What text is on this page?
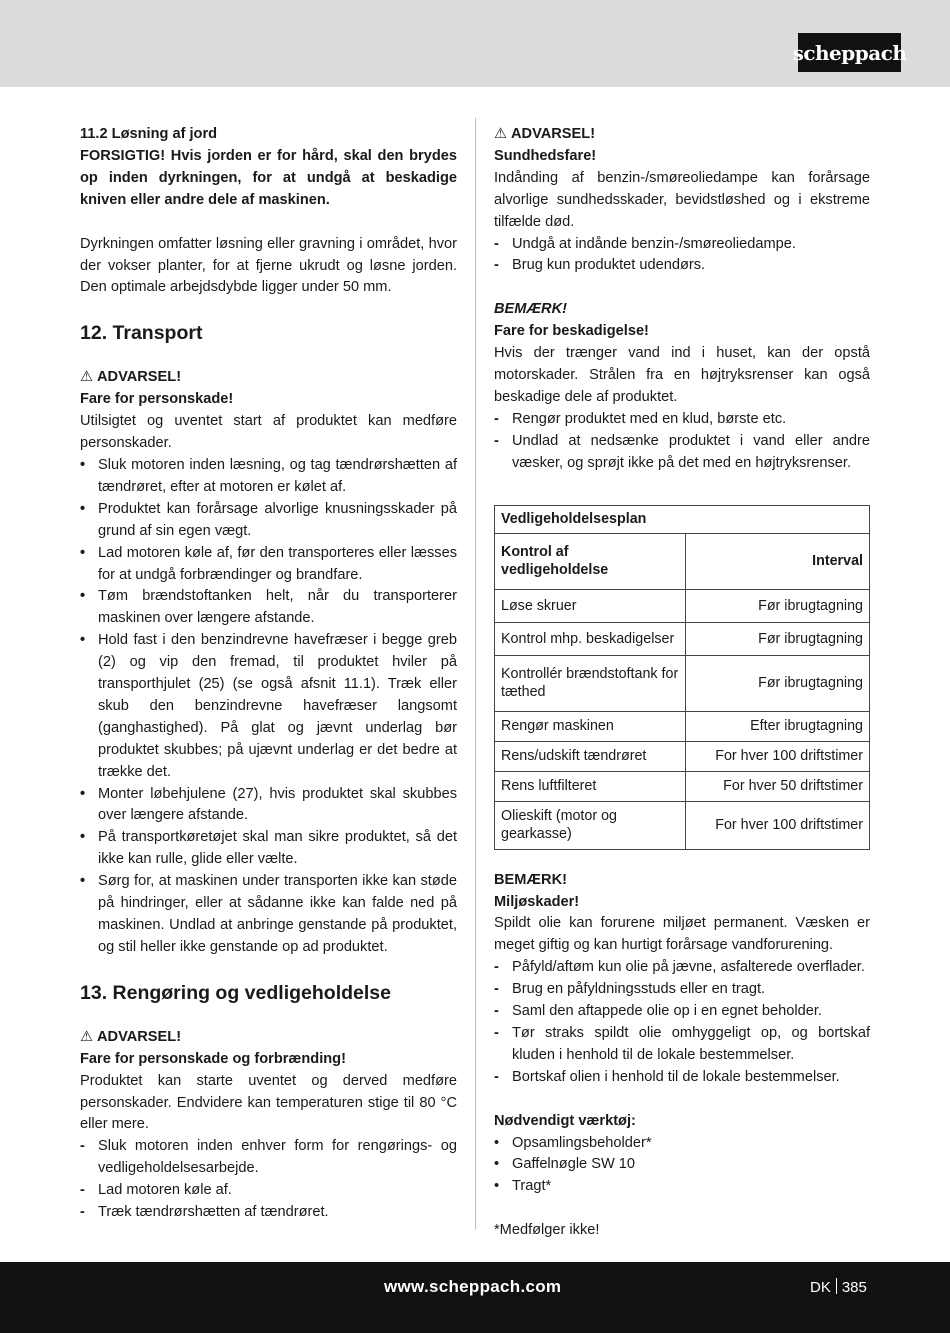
scheppach

11.2 Løsning af jord

FORSIGTIG! Hvis jorden er for hård, skal den brydes op inden dyrkningen, for at undgå at beskadige kniven eller andre dele af maskinen.

Dyrkningen omfatter løsning eller gravning i området, hvor der vokser planter, for at fjerne ukrudt og løsne jorden. Den optimale arbejdsdybde ligger under 50 mm.

12. Transport

⚠ ADVARSEL!

Fare for personskade!

Utilsigtet og uventet start af produktet kan medføre personskader.

• Sluk motoren inden læsning, og tag tændrørshætten af tændrøret, efter at motoren er kølet af.
• Produktet kan forårsage alvorlige knusningsskader på grund af sin egen vægt.
• Lad motoren køle af, før den transporteres eller læsses for at undgå forbrændinger og brandfare.
• Tøm brændstoftanken helt, når du transporterer maskinen over længere afstande.
• Hold fast i den benzindrevne havefræser i begge greb (2) og vip den fremad, til produktet hviler på transporthjulet (25) (se også afsnit 11.1). Træk eller skub den benzindrevne havefræser langsomt (ganghastighed). På glat og jævnt underlag bør produktet skubbes; på ujævnt underlag er det bedre at trække det.
• Monter løbehjulene (27), hvis produktet skal skubbes over længere afstande.
• På transportkøretøjet skal man sikre produktet, så det ikke kan rulle, glide eller vælte.
• Sørg for, at maskinen under transporten ikke kan støde på hindringer, eller at sådanne ikke kan falde ned på maskinen. Undlad at anbringe genstande på produktet, og stil heller ikke genstande op ad produktet.
13. Rengøring og vedligeholdelse

⚠ ADVARSEL!

Fare for personskade og forbrænding!

Produktet kan starte uventet og derved medføre personskader. Endvidere kan temperaturen stige til 80 °C eller mere.

- Sluk motoren inden enhver form for rengørings- og vedligeholdelsesarbejde.
- Lad motoren køle af.
- Træk tændrørshætten af tændrøret.

⚠ ADVARSEL!

Sundhedsfare!

Indånding af benzin-/smøreoliedampe kan forårsage alvorlige sundhedsskader, bevidstløshed og i ekstreme tilfælde død.

- Undgå at indånde benzin-/smøreoliedampe.
- Brug kun produktet udendørs.

BEMÆRK!

Fare for beskadigelse!

Hvis der trænger vand ind i huset, kan der opstå motorskader. Strålen fra en højtryksrenser kan også beskadige dele af produktet.

- Rengør produktet med en klud, børste etc.
- Undlad at nedsænke produktet i vand eller andre væsker, og sprøjt ikke på det med en højtryksrenser.
Vedligeholdelsesplan	
Kontrol af vedligeholdelse	Interval
Løse skruer	Før ibrugtagning
Kontrol mhp. beskadigelser	Før ibrugtagning
Kontrollér brændstoftank for tæthed	Før ibrugtagning
Rengør maskinen	Efter ibrugtagning
Rens/udskift tændrøret	For hver 100 driftstimer
Rens luftfilteret	For hver 50 driftstimer
Olieskift (motor og gearkasse)	For hver 100 driftstimer

BEMÆRK!

Miljøskader!

Spildt olie kan forurene miljøet permanent. Væsken er meget giftig og kan hurtigt forårsage vandforurening.

- Påfyld/aftøm kun olie på jævne, asfalterede overflader.
- Brug en påfyldningsstuds eller en tragt.
- Saml den aftappede olie op i en egnet beholder.
- Tør straks spildt olie omhyggeligt op, og bortskaf kluden i henhold til de lokale bestemmelser.
- Bortskaf olien i henhold til de lokale bestemmelser.

Nødvendigt værktøj:

• Opsamlingsbeholder*
• Gaffelnøgle SW 10
• Tragt*

*Medfølger ikke!

www.scheppach.com	DK 385
